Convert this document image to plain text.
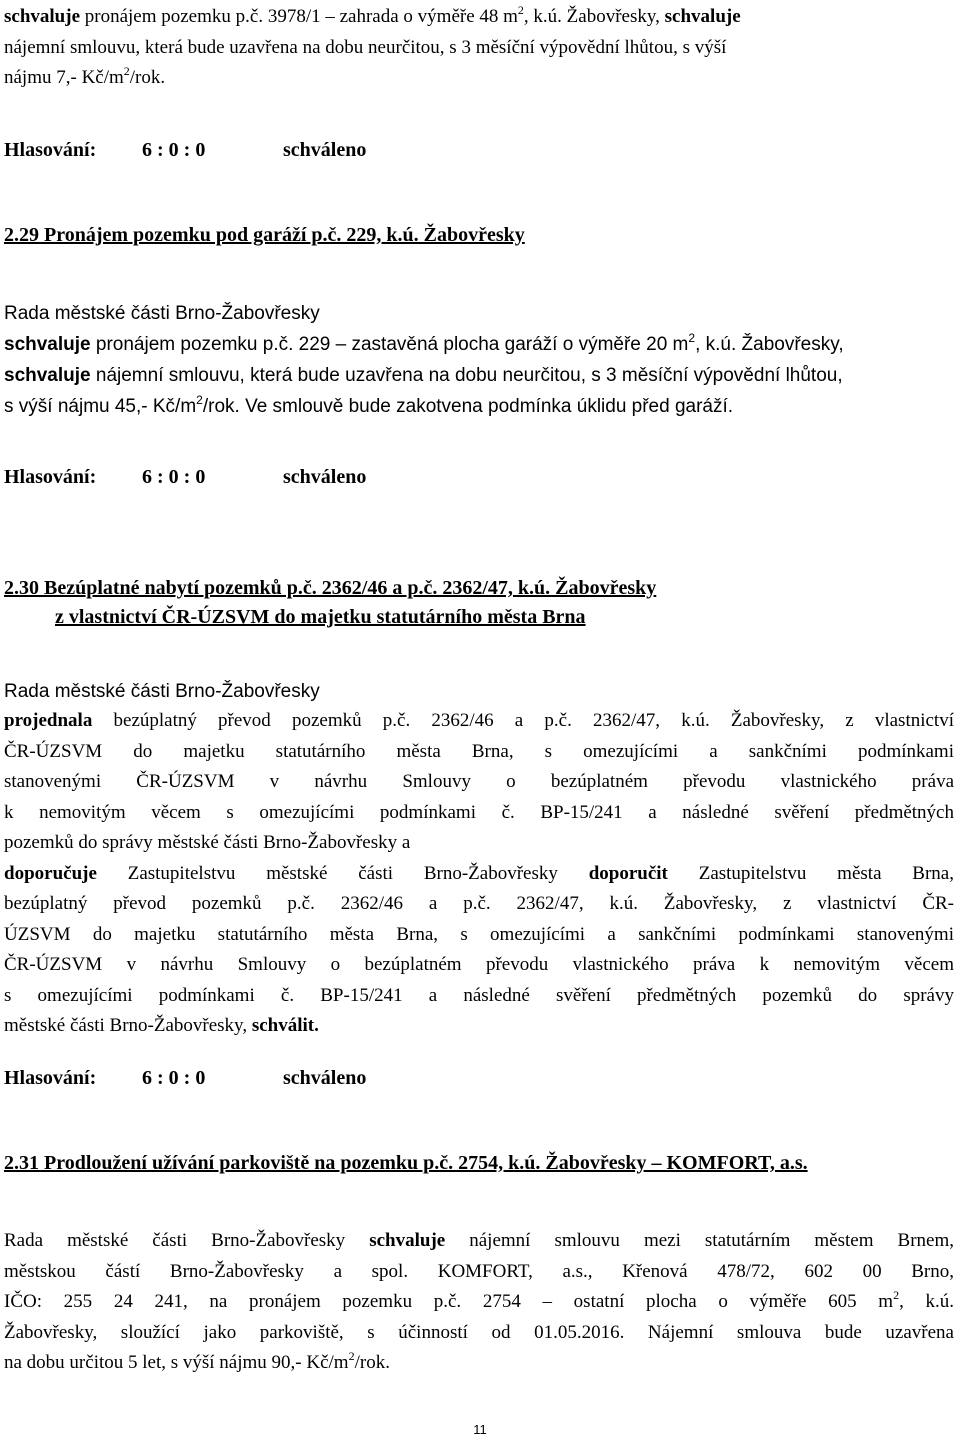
schvaluje pronájem pozemku p.č. 3978/1 – zahrada o výměře 48 $m^2$, k.ú. Žabovřesky, schvaluje
nájemní smlouvu, která bude uzavřena na dobu neurčitou, s 3 měsíční výpovědní lhůtou, s výší
nájmu 7,- $Kč/m^2$/rok.
Hlasování: 6 : 0 : 0	schváleno
2.29 Pronájem pozemku pod garáží p.č. 229, k.ú. Žabovřesky
Rada městské části Brno-Žabovřesky
schvaluje pronájem pozemku p.č. 229 – zastavěná plocha garáží o výměře 20 $m^2$, k.ú. Žabovřesky,
schvaluje nájemní smlouvu, která bude uzavřena na dobu neurčitou, s 3 měsíční výpovědní lhůtou,
s výší nájmu 45,- $Kč/m^2$/rok. Ve smlouvě bude zakotvena podmínka úklidu před garáží.
Hlasování: 6 : 0 : 0	schváleno
2.30 Bezúplatné nabytí pozemků p.č. 2362/46 a p.č. 2362/47, k.ú. Žabovřesky
z vlastnictví ČR-ÚZSVM do majetku statutárního města Brna
Rada městské části Brno-Žabovřesky
projednala bezúplatný převod pozemků p.č. 2362/46 a p.č. 2362/47, k.ú. Žabovřesky, z vlastnictví
ČR-ÚZSVM do majetku statutárního města Brna, s omezujícími a sankčními podmínkami
stanovenými ČR-ÚZSVM v návrhu Smlouvy o bezúplatném převodu vlastnického práva
k nemovitým věcem s omezujícími podmínkami č. BP-15/241 a následné svěření předmětných
pozemků do správy městské části Brno-Žabovřesky a
doporučuje Zastupitelstvu městské části Brno-Žabovřesky doporučit Zastupitelstvu města Brna,
bezúplatný převod pozemků p.č. 2362/46 a p.č. 2362/47, k.ú. Žabovřesky, z vlastnictví ČR-
ÚZSVM do majetku statutárního města Brna, s omezujícími a sankčními podmínkami stanovenými
ČR-ÚZSVM v návrhu Smlouvy o bezúplatném převodu vlastnického práva k nemovitým věcem
s omezujícími podmínkami č. BP-15/241 a následné svěření předmětných pozemků do správy
městské části Brno-Žabovřesky, schválit.
Hlasování: 6 : 0 : 0	schváleno
2.31 Prodloužení užívání parkoviště na pozemku p.č. 2754, k.ú. Žabovřesky – KOMFORT, a.s.
Rada městské části Brno-Žabovřesky schvaluje nájemní smlouvu mezi statutárním městem Brnem,
městskou částí Brno-Žabovřesky a spol. KOMFORT, a.s., Křenová 478/72, 602 00 Brno,
IČO: 255 24 241, na pronájem pozemku p.č. 2754 – ostatní plocha o výměře 605 $m^2$, k.ú.
Žabovřesky, sloužící jako parkoviště, s účinností od 01.05.2016. Nájemní smlouva bude uzavřena
na dobu určitou 5 let, s výší nájmu 90,- $Kč/m^2$/rok.
11
